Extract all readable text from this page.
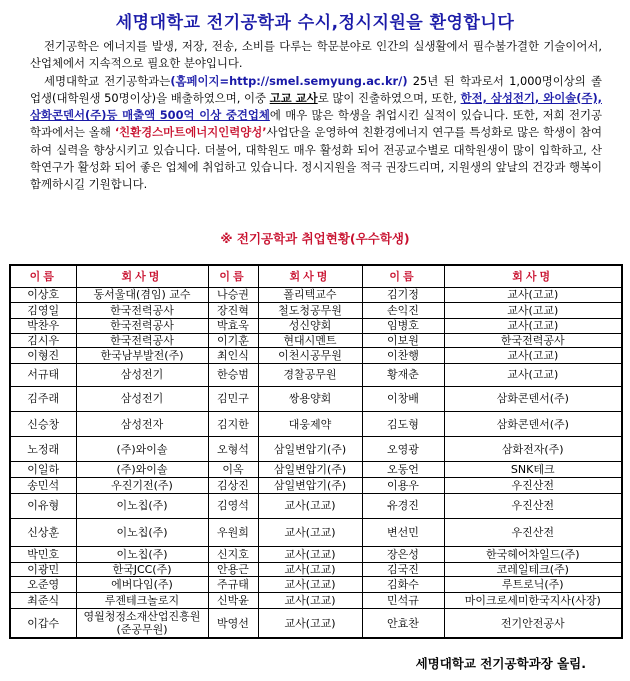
세명대학교 전기공학과 수시,정시지원을 환영합니다

전기공학은 에너지를 발생, 저장, 전송, 소비를 다루는 학문분야로 인간의 실생활에서 필수불가결한 기술이어서, 산업체에서 지속적으로 필요한 분야입니다.

세명대학교 전기공학과는(홈페이지=http://smel.semyung.ac.kr/) 25년 된 학과로서 1,000명이상의 졸업생(대학원생 50명이상)을 배출하였으며, 이중 고교 교사로 많이 진출하였으며, 또한, 한전, 삼성전기, 와이솔(주), 삼화콘덴서(주)등 매출액 500억 이상 중견업체에 매우 많은 학생을 취업시킨 실적이 있습니다. 또한, 저희 전기공학과에서는 올해 ‘친환경스마트에너지인력양성’사업단을 운영하여 친환경에너지 연구를 특성화로 많은 학생이 참여하여 실력을 향상시키고 있습니다. 더불어, 대학원도 매우 활성화 되어 전공교수별로 대학원생이 많이 입학하고, 산학연구가 활성화 되어 좋은 업체에 취업하고 있습니다. 정시지원을 적극 권장드리며, 지원생의 앞날의 건강과 행복이 함께하시길 기원합니다.

※ 전기공학과 취업현황(우수학생)
이름	회사명	이름	회사명	이름	회사명
이상호	동서울대(겸임) 교수	나승권	폴리텍교수	김기정	교사(고교)
김영일	한국전력공사	장진혁	철도청공무원	손익진	교사(고교)
박찬우	한국전력공사	박효욱	성신양회	임병호	교사(고교)
김시우	한국전력공사	이기훈	현대시멘트	이보원	한국전력공사
이형진	한국남부발전(주)	최인식	이천시공무원	이찬행	교사(고교)
서규태	삼성전기	한승범	경찰공무원	황재춘	교사(고교)
김주래	삼성전기	김민구	쌍용양회	이창배	삼화콘덴서(주)
신승창	삼성전자	김지한	대웅제약	김도형	삼화콘덴서(주)
노정래	(주)와이솔	오형석	삼일변압기(주)	오영광	삼화전자(주)
이일하	(주)와이솔	이옥	삼일변압기(주)	오동언	SNK테크
송민석	우진기전(주)	김상진	삼일변압기(주)	이용우	우진산전
이유형	이노칩(주)	김영석	교사(고교)	유경진	우진산전
신상훈	이노칩(주)	우원희	교사(고교)	변선민	우진산전
박민호	이노칩(주)	신지호	교사(고교)	장은성	한국헤어차일드(주)
이광민	한국JCC(주)	안용근	교사(고교)	김국진	코레일테크(주)
오준영	에버다임(주)	주규태	교사(고교)	김화수	루트로닉(주)
최준식	루젠테크놀로지	신박윤	교사(고교)	민석규	마이크로세미한국지사(사장)
이갑수	영월청정소재산업진흥원(준공무원)	박영선	교사(고교)	안효찬	전기안전공사
세명대학교 전기공학과장 올림.
